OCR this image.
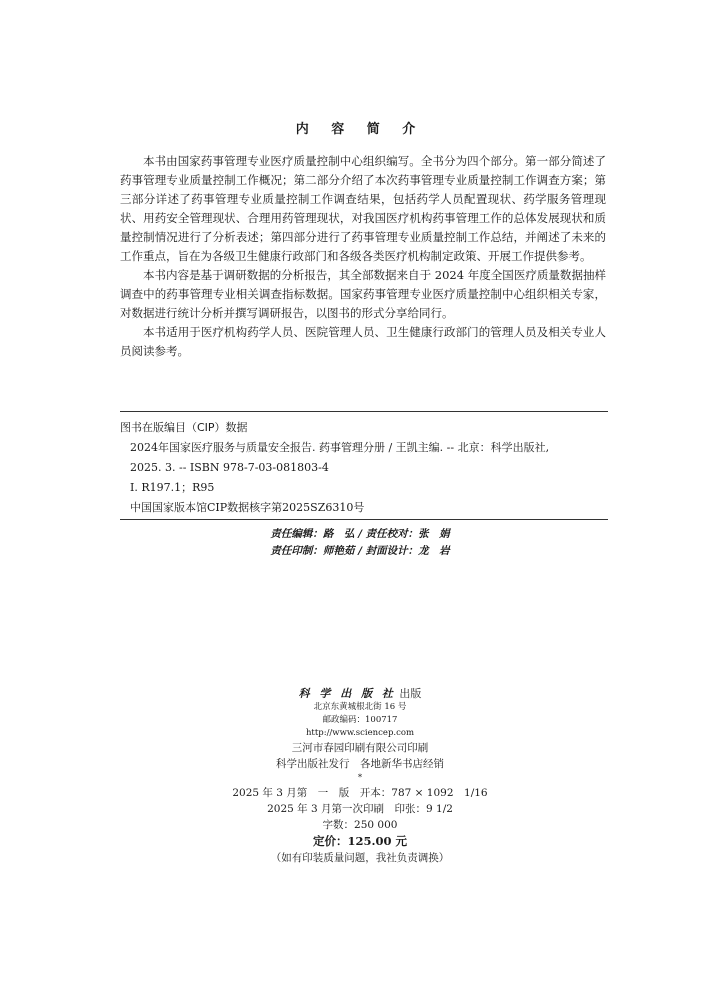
内 容 简 介

本书由国家药事管理专业医疗质量控制中心组织编写。全书分为四个部分。第一部分简述了药事管理专业质量控制工作概况；第二部分介绍了本次药事管理专业质量控制工作调查方案；第三部分详述了药事管理专业质量控制工作调查结果，包括药学人员配置现状、药学服务管理现状、用药安全管理现状、合理用药管理现状，对我国医疗机构药事管理工作的总体发展现状和质量控制情况进行了分析表述；第四部分进行了药事管理专业质量控制工作总结，并阐述了未来的工作重点，旨在为各级卫生健康行政部门和各级各类医疗机构制定政策、开展工作提供参考。

本书内容是基于调研数据的分析报告，其全部数据来自于 2024 年度全国医疗质量数据抽样调查中的药事管理专业相关调查指标数据。国家药事管理专业医疗质量控制中心组织相关专家，对数据进行统计分析并撰写调研报告，以图书的形式分享给同行。

本书适用于医疗机构药学人员、医院管理人员、卫生健康行政部门的管理人员及相关专业人员阅读参考。

图书在版编目（CIP）数据
2024年国家医疗服务与质量安全报告. 药事管理分册 / 王凯主编. -- 北京：科学出版社,
2025. 3. -- ISBN 978-7-03-081803-4
Ⅰ. R197.1；R95
中国国家版本馆CIP数据核字第2025SZ6310号
责任编辑：路　弘 / 责任校对：张　娟
责任印制：师艳茹 / 封面设计：龙　岩
科 学 出 版 社 出版
北京东黄城根北街 16 号
邮政编码：100717
http://www.sciencep.com
三河市春园印刷有限公司印刷
科学出版社发行　各地新华书店经销
*
2025 年 3 月第　一　版　开本：787 × 1092　1/16
2025 年 3 月第一次印刷　印张：9 1/2
字数：250 000
定价：125.00 元
（如有印装质量问题，我社负责调换）
